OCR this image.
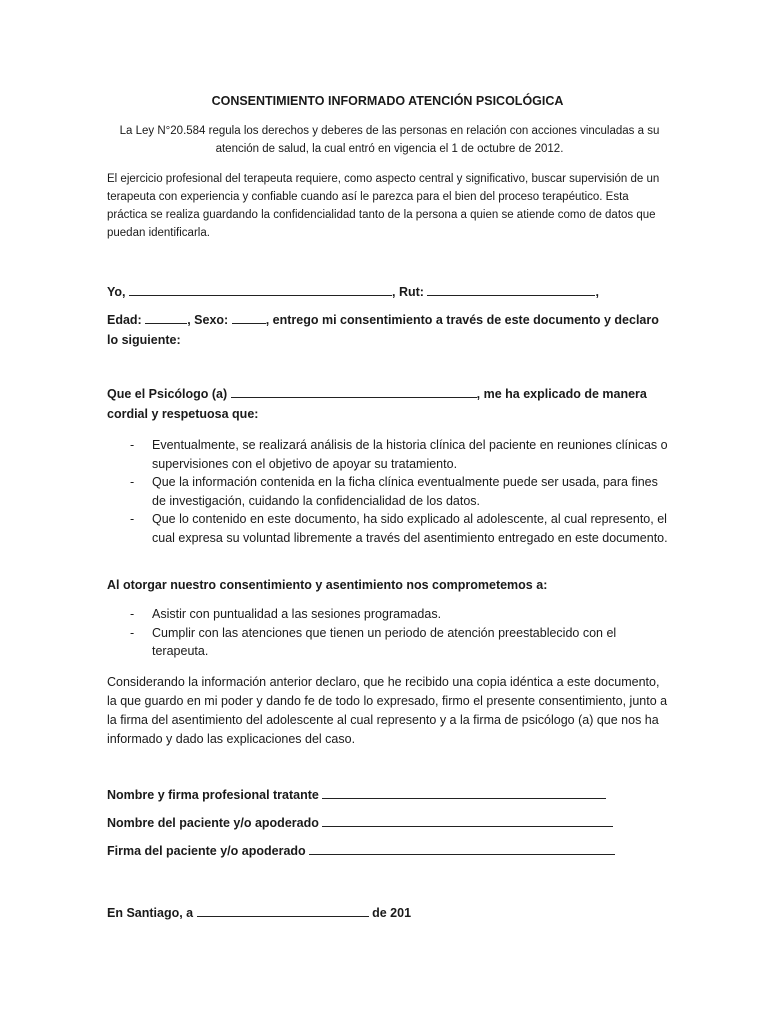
CONSENTIMIENTO INFORMADO ATENCIÓN PSICOLÓGICA
La Ley N°20.584 regula los derechos y deberes de las personas en relación con acciones vinculadas a su atención de salud, la cual entró en vigencia el 1 de octubre de 2012.
El ejercicio profesional del terapeuta requiere, como aspecto central y significativo, buscar supervisión de un terapeuta con experiencia y confiable cuando así le parezca para el bien del proceso terapéutico. Esta práctica se realiza guardando la confidencialidad tanto de la persona a quien se atiende como de datos que puedan identificarla.
Yo,	, Rut:	,
Edad:	, Sexo:	, entrego mi consentimiento a través de este documento y declaro lo siguiente:
Que el Psicólogo (a)	, me ha explicado de manera cordial y respetuosa que:
- Eventualmente, se realizará análisis de la historia clínica del paciente en reuniones clínicas o supervisiones con el objetivo de apoyar su tratamiento.
- Que la información contenida en la ficha clínica eventualmente puede ser usada, para fines de investigación, cuidando la confidencialidad de los datos.
- Que lo contenido en este documento, ha sido explicado al adolescente, al cual represento, el cual expresa su voluntad libremente a través del asentimiento entregado en este documento.
Al otorgar nuestro consentimiento y asentimiento nos comprometemos a:
- Asistir con puntualidad a las sesiones programadas.
- Cumplir con las atenciones que tienen un periodo de atención preestablecido con el terapeuta.
Considerando la información anterior declaro, que he recibido una copia idéntica a este documento, la que guardo en mi poder y dando fe de todo lo expresado, firmo el presente consentimiento, junto a la firma del asentimiento del adolescente al cual represento y a la firma de psicólogo (a) que nos ha informado y dado las explicaciones del caso.
Nombre y firma profesional tratante
Nombre del paciente y/o apoderado
Firma del paciente y/o apoderado
En Santiago, a	de 201
